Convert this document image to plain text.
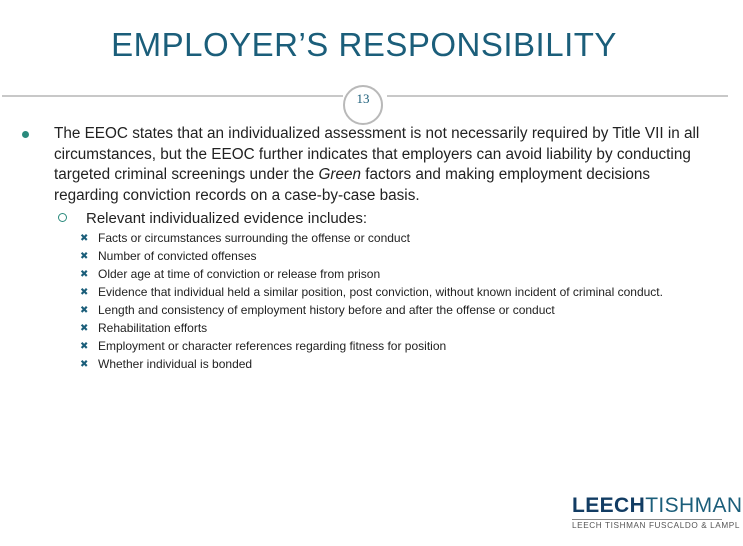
EMPLOYER’S RESPONSIBILITY
13
The EEOC states that an individualized assessment is not necessarily required by Title VII in all circumstances, but the EEOC further indicates that employers can avoid liability by conducting targeted criminal screenings under the Green factors and making employment decisions regarding conviction records on a case-by-case basis.
Relevant individualized evidence includes:
✖ Facts or circumstances surrounding the offense or conduct
✖ Number of convicted offenses
✖ Older age at time of conviction or release from prison
✖ Evidence that individual held a similar position, post conviction, without known incident of criminal conduct.
✖ Length and consistency of employment history before and after the offense or conduct
✖ Rehabilitation efforts
✖ Employment or character references regarding fitness for position
✖ Whether individual is bonded
LEECHTISHMAN
LEECH TISHMAN FUSCALDO & LAMPL
